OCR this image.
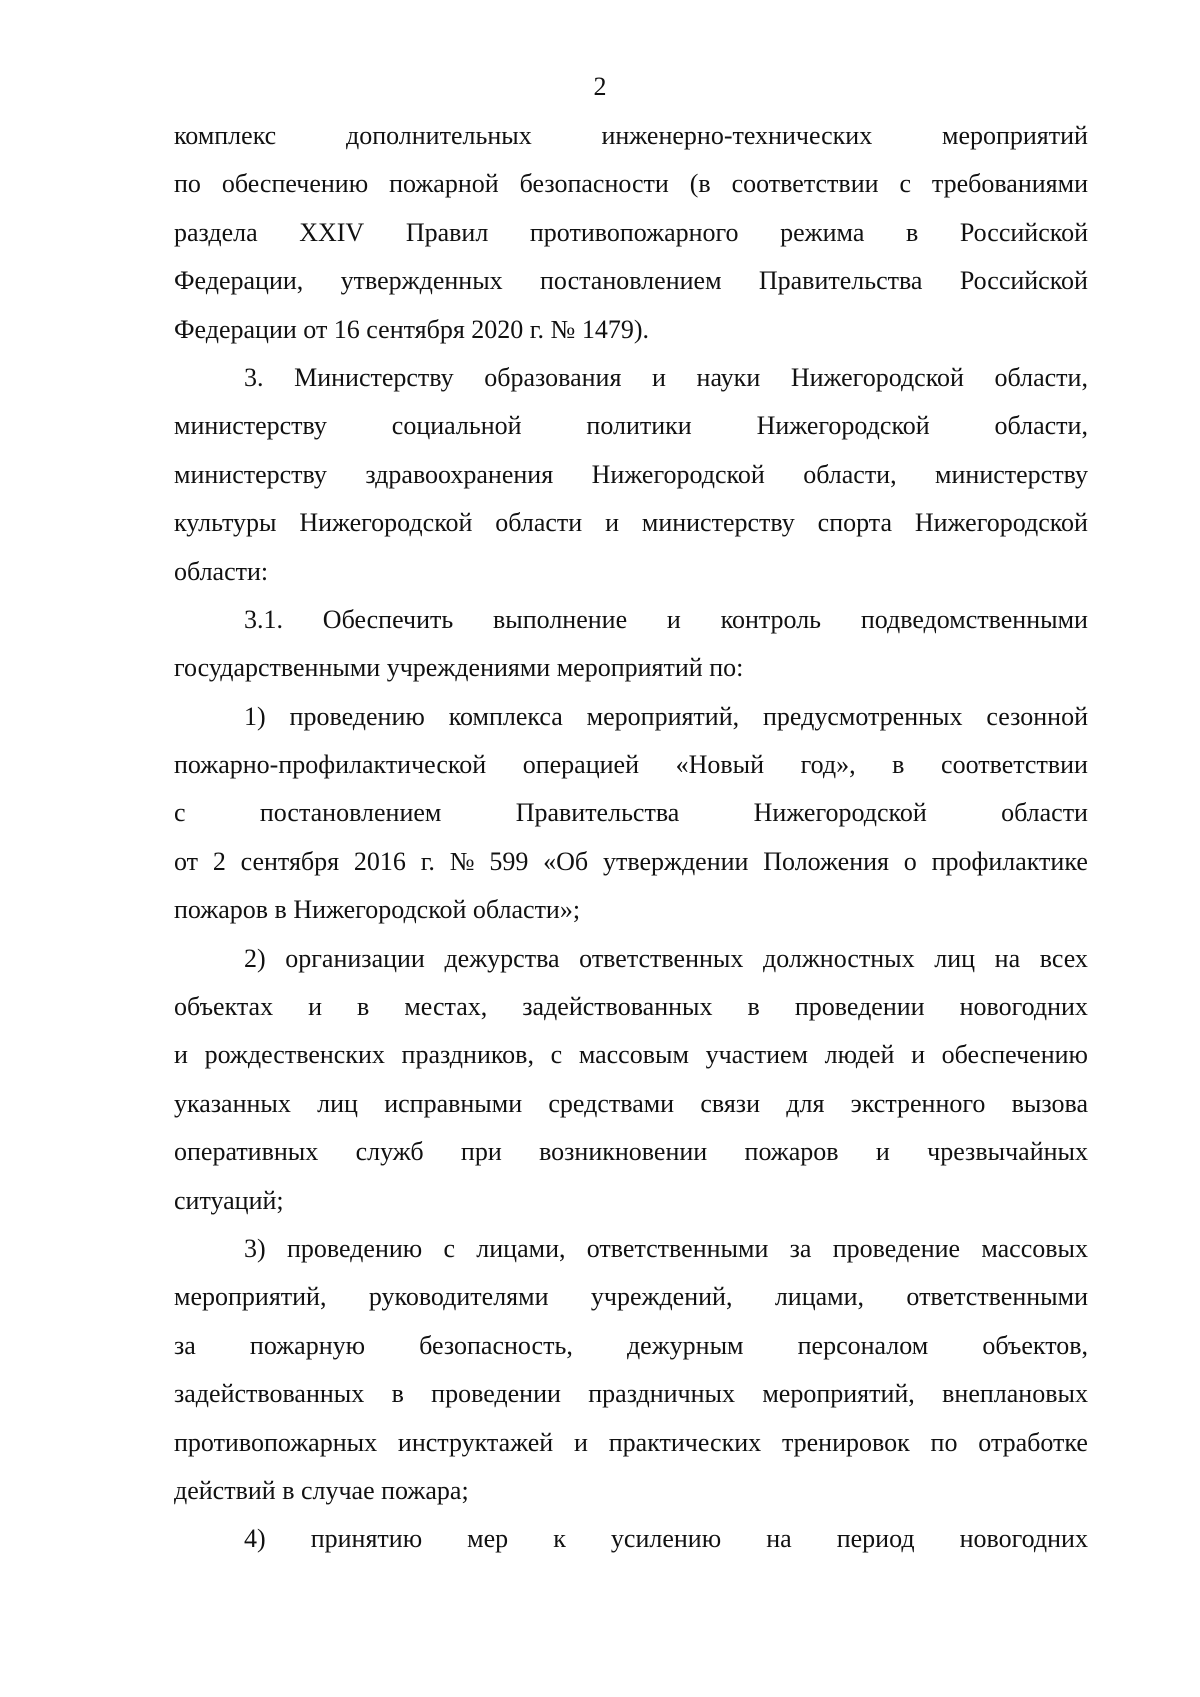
2
комплекс	дополнительных	инженерно-технических	мероприятий
по обеспечению пожарной безопасности (в соответствии с требованиями
раздела XXIV Правил противопожарного режима в Российской
Федерации, утвержденных постановлением Правительства Российской
Федерации от 16 сентября 2020 г. № 1479).
3. Министерству образования и науки Нижегородской области,
министерству социальной политики Нижегородской области,
министерству здравоохранения Нижегородской области, министерству
культуры Нижегородской области и министерству спорта Нижегородской
области:
3.1. Обеспечить выполнение и контроль подведомственными
государственными учреждениями мероприятий по:
1) проведению комплекса мероприятий, предусмотренных сезонной
пожарно-профилактической операцией «Новый год», в соответствии
с	постановлением	Правительства	Нижегородской	области
от 2 сентября 2016 г. № 599 «Об утверждении Положения о профилактике
пожаров в Нижегородской области»;
2) организации дежурства ответственных должностных лиц на всех
объектах и в местах, задействованных в проведении новогодних
и рождественских праздников, с массовым участием людей и обеспечению
указанных лиц исправными средствами связи для экстренного вызова
оперативных служб при возникновении пожаров и чрезвычайных
ситуаций;
3) проведению с лицами, ответственными за проведение массовых
мероприятий, руководителями учреждений, лицами, ответственными
за пожарную безопасность, дежурным персоналом объектов,
задействованных в проведении праздничных мероприятий, внеплановых
противопожарных инструктажей и практических тренировок по отработке
действий в случае пожара;
4) принятию мер к усилению на период новогодних
